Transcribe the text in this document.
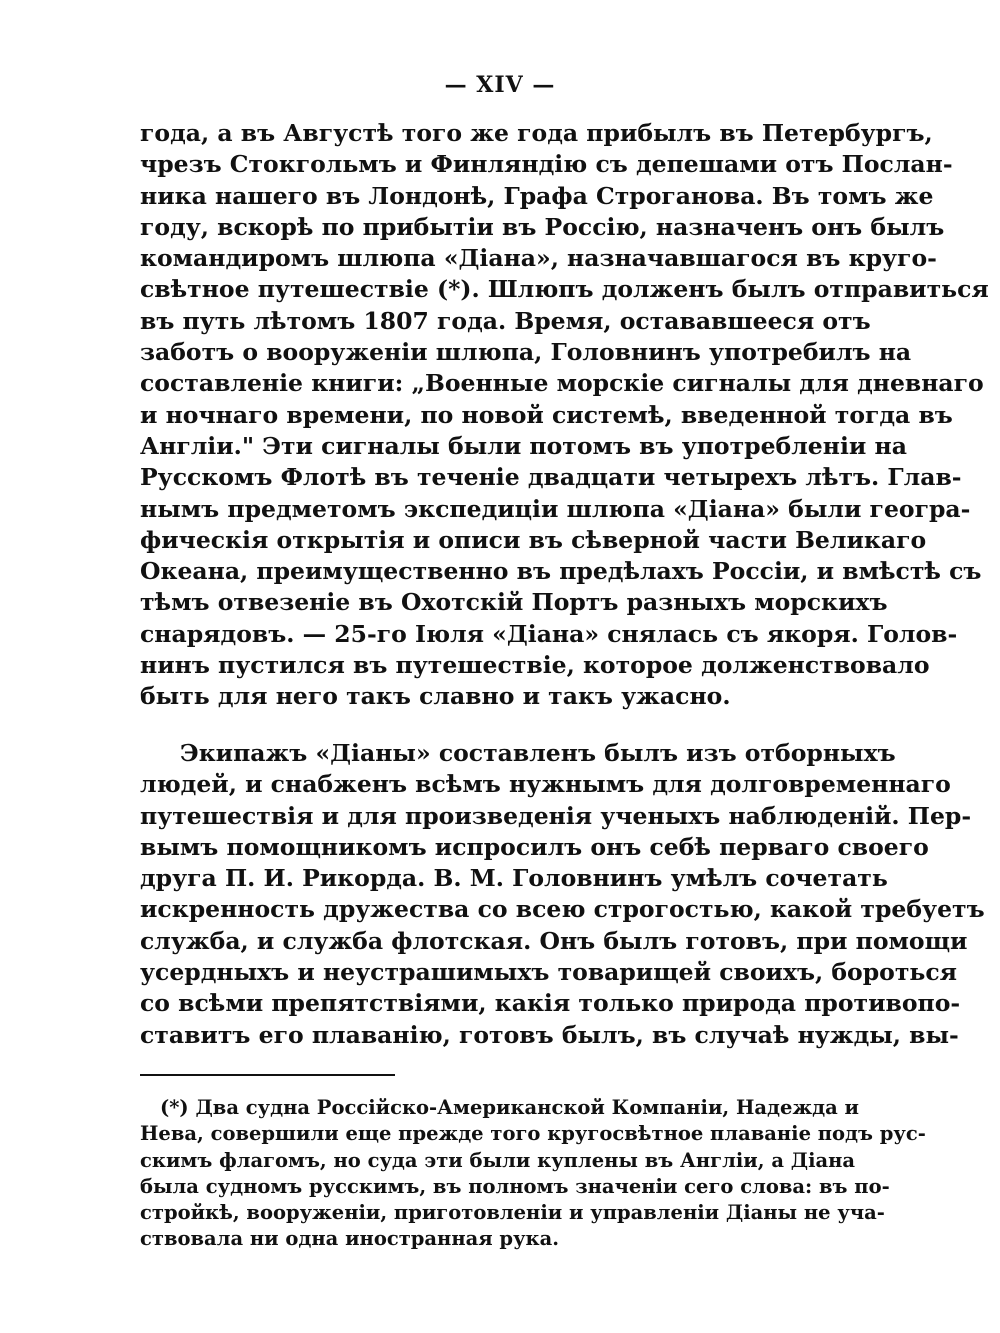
— XIV —
года, а въ Августѣ того же года прибылъ въ Петербургъ,
чрезъ Стокгольмъ и Финляндію съ депешами отъ Послан-
ника нашего въ Лондонѣ, Графа Строганова. Въ томъ же
году, вскорѣ по прибытіи въ Россію, назначенъ онъ былъ
командиромъ шлюпа «Діана», назначавшагося въ круго-
свѣтное путешествіе (*). Шлюпъ долженъ былъ отправиться
въ путь лѣтомъ 1807 года. Время, остававшееся отъ
заботъ о вооруженіи шлюпа, Головнинъ употребилъ на
составленіе книги: „Военные морскіе сигналы для дневнаго
и ночнаго времени, по новой системѣ, введенной тогда въ
Англіи." Эти сигналы были потомъ въ употребленіи на
Русскомъ Флотѣ въ теченіе двадцати четырехъ лѣтъ. Глав-
нымъ предметомъ экспедиціи шлюпа «Діана» были геогра-
фическія открытія и описи въ сѣверной части Великаго
Океана, преимущественно въ предѣлахъ Россіи, и вмѣстѣ съ
тѣмъ отвезеніе въ Охотскій Портъ разныхъ морскихъ
снарядовъ. — 25-го Іюля «Діана» снялась съ якоря. Голов-
нинъ пустился въ путешествіе, которое долженствовало
быть для него такъ славно и такъ ужасно.
Экипажъ «Діаны» составленъ былъ изъ отборныхъ
людей, и снабженъ всѣмъ нужнымъ для долговременнаго
путешествія и для произведенія ученыхъ наблюденій. Пер-
вымъ помощникомъ испросилъ онъ себѣ перваго своего
друга П. И. Рикорда. В. М. Головнинъ умѣлъ сочетать
искренность дружества со всею строгостью, какой требуетъ
служба, и служба флотская. Онъ былъ готовъ, при помощи
усердныхъ и неустрашимыхъ товарищей своихъ, бороться
со всѣми препятствіями, какія только природа противопо-
ставитъ его плаванію, готовъ былъ, въ случаѣ нужды, вы-
(*) Два судна Россійско-Американской Компаніи, Надежда и
Нева, совершили еще прежде того кругосвѣтное плаваніе подъ рус-
скимъ флагомъ, но суда эти были куплены въ Англіи, а Діана
была судномъ русскимъ, въ полномъ значеніи сего слова: въ по-
стройкѣ, вооруженіи, приготовленіи и управленіи Діаны не уча-
ствовала ни одна иностранная рука.
